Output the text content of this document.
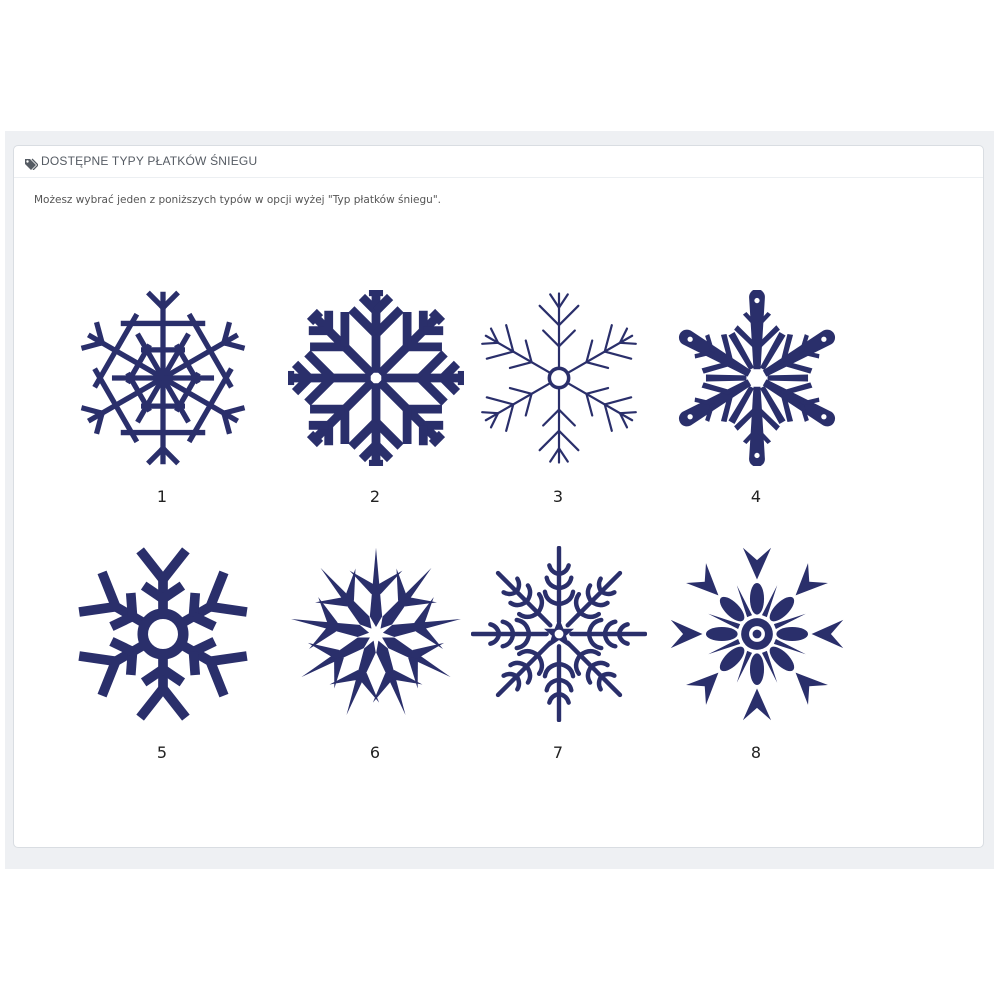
DOSTĘPNE TYPY PŁATKÓW ŚNIEGU
Możesz wybrać jeden z poniższych typów w opcji wyżej "Typ płatków śniegu".
1	2	3	4
5	6	7	8
